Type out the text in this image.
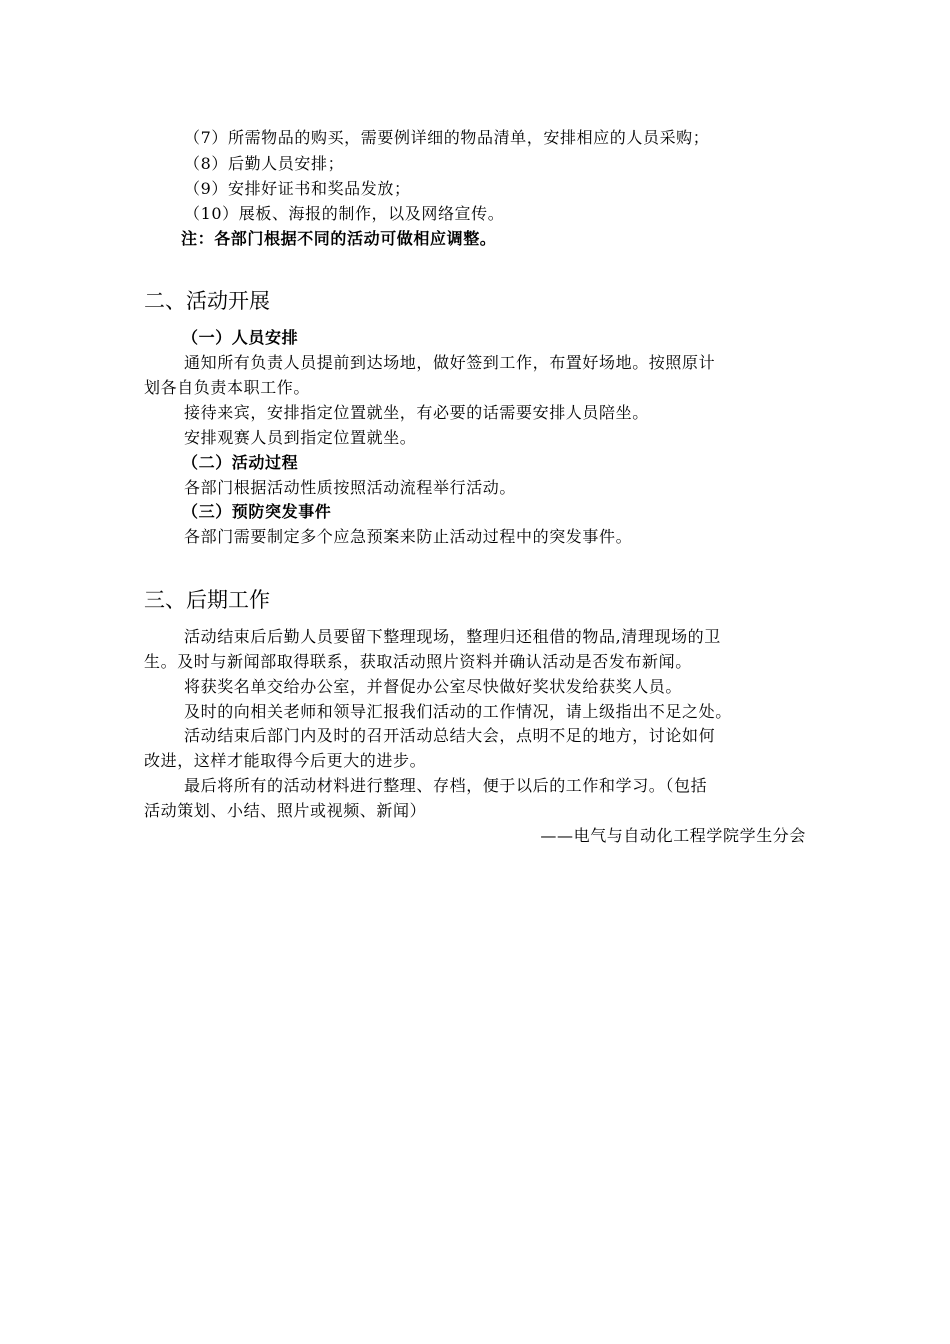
（7）所需物品的购买，需要例详细的物品清单，安排相应的人员采购；
（8）后勤人员安排；
（9）安排好证书和奖品发放；
（10）展板、海报的制作，以及网络宣传。
注：各部门根据不同的活动可做相应调整。
二、活动开展
（一）人员安排
通知所有负责人员提前到达场地，做好签到工作，布置好场地。按照原计
划各自负责本职工作。
接待来宾，安排指定位置就坐，有必要的话需要安排人员陪坐。
安排观赛人员到指定位置就坐。
（二）活动过程
各部门根据活动性质按照活动流程举行活动。
（三）预防突发事件
各部门需要制定多个应急预案来防止活动过程中的突发事件。
三、后期工作
活动结束后后勤人员要留下整理现场，整理归还租借的物品,清理现场的卫
生。及时与新闻部取得联系，获取活动照片资料并确认活动是否发布新闻。
将获奖名单交给办公室，并督促办公室尽快做好奖状发给获奖人员。
及时的向相关老师和领导汇报我们活动的工作情况，请上级指出不足之处。
活动结束后部门内及时的召开活动总结大会，点明不足的地方，讨论如何
改进，这样才能取得今后更大的进步。
最后将所有的活动材料进行整理、存档，便于以后的工作和学习。（包括
活动策划、小结、照片或视频、新闻）
——电气与自动化工程学院学生分会
